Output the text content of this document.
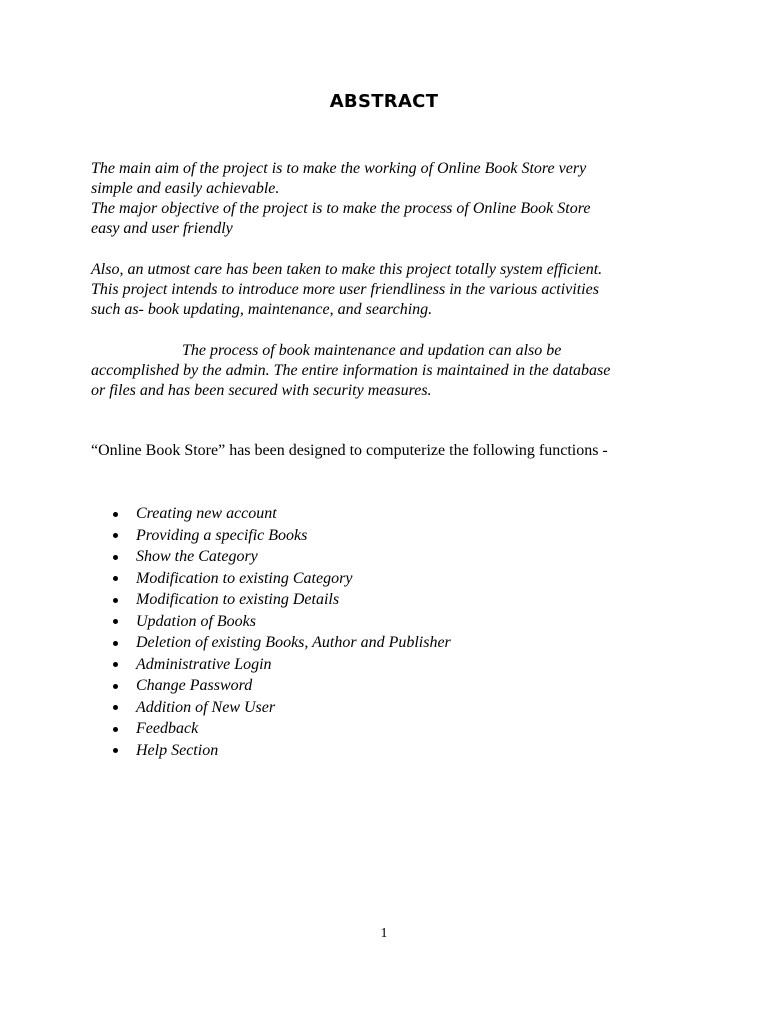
ABSTRACT
The main aim of the project is to make the working of Online Book Store very
simple and easily achievable.
The major objective of the project is to make the process of Online Book Store
easy and user friendly
Also, an utmost care has been taken to make this project totally system efficient.
This project intends to introduce more user friendliness in the various activities
such as- book updating, maintenance, and searching.
The process of book maintenance and updation can also be
accomplished by the admin. The entire information is maintained in the database
or files and has been secured with security measures.
“Online Book Store” has been designed to computerize the following functions -
Creating new account
Providing a specific Books
Show the Category
Modification to existing Category
Modification to existing Details
Updation of Books
Deletion of existing Books, Author and Publisher
Administrative Login
Change Password
Addition of New User
Feedback
Help Section
1
